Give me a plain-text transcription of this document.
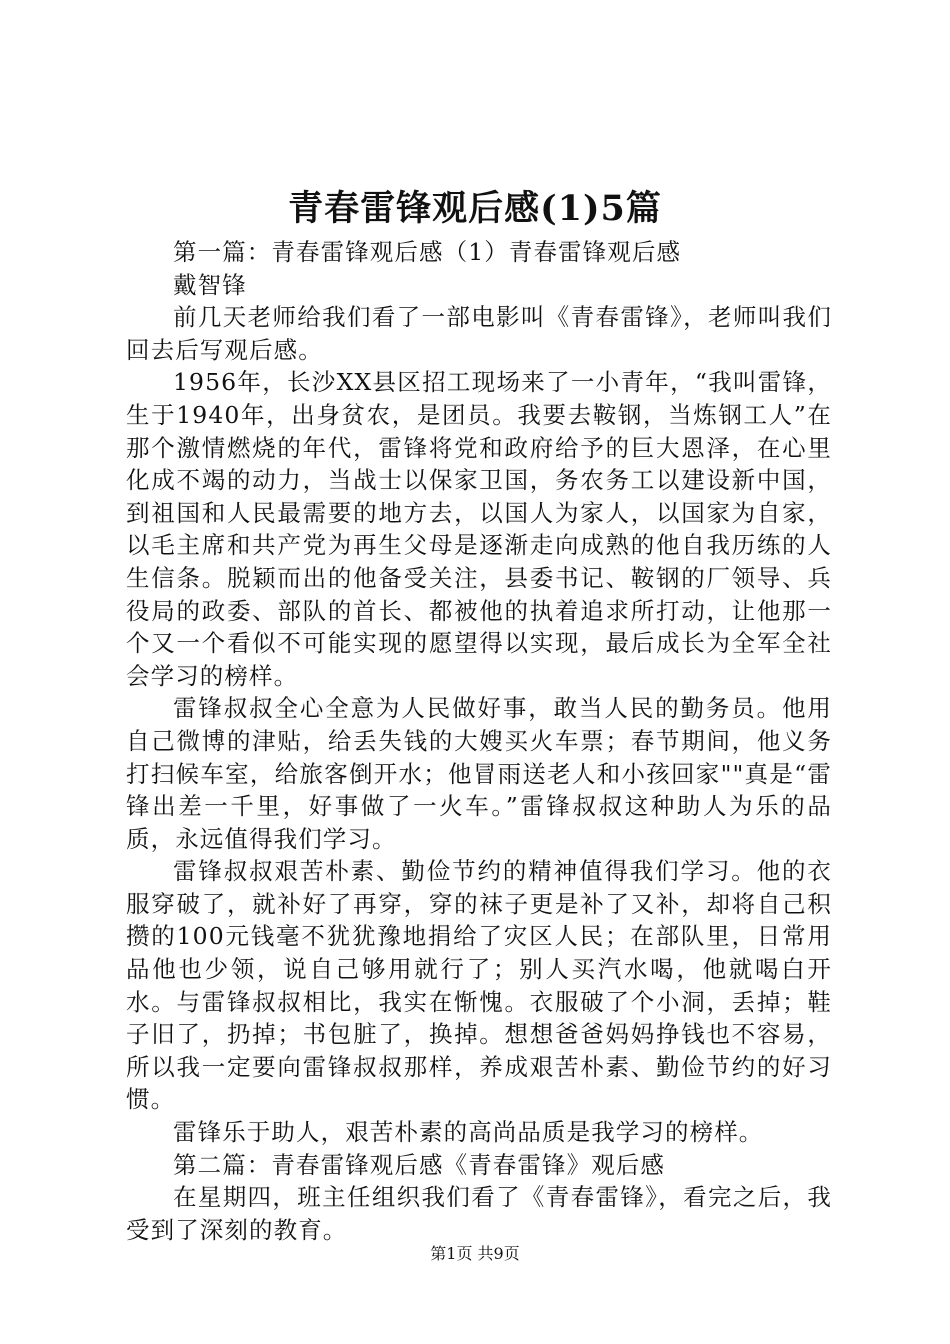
青春雷锋观后感(1)5篇

第一篇：青春雷锋观后感（1）青春雷锋观后感

戴智锋

前几天老师给我们看了一部电影叫《青春雷锋》，老师叫我们回去后写观后感。

1956年，长沙XX县区招工现场来了一小青年，“我叫雷锋，生于1940年，出身贫农，是团员。我要去鞍钢，当炼钢工人”在那个激情燃烧的年代，雷锋将党和政府给予的巨大恩泽，在心里化成不竭的动力，当战士以保家卫国，务农务工以建设新中国，到祖国和人民最需要的地方去，以国人为家人，以国家为自家，以毛主席和共产党为再生父母是逐渐走向成熟的他自我历练的人生信条。脱颖而出的他备受关注，县委书记、鞍钢的厂领导、兵役局的政委、部队的首长、都被他的执着追求所打动，让他那一个又一个看似不可能实现的愿望得以实现，最后成长为全军全社会学习的榜样。

雷锋叔叔全心全意为人民做好事，敢当人民的勤务员。他用自己微博的津贴，给丢失钱的大嫂买火车票；春节期间，他义务打扫候车室，给旅客倒开水；他冒雨送老人和小孩回家""真是“雷锋出差一千里，好事做了一火车。”雷锋叔叔这种助人为乐的品质，永远值得我们学习。

雷锋叔叔艰苦朴素、勤俭节约的精神值得我们学习。他的衣服穿破了，就补好了再穿，穿的袜子更是补了又补，却将自己积攒的100元钱毫不犹犹豫地捐给了灾区人民；在部队里，日常用品他也少领，说自己够用就行了；别人买汽水喝，他就喝白开水。与雷锋叔叔相比，我实在惭愧。衣服破了个小洞，丢掉；鞋子旧了，扔掉；书包脏了，换掉。想想爸爸妈妈挣钱也不容易，所以我一定要向雷锋叔叔那样，养成艰苦朴素、勤俭节约的好习惯。

雷锋乐于助人，艰苦朴素的高尚品质是我学习的榜样。

第二篇：青春雷锋观后感《青春雷锋》观后感

在星期四，班主任组织我们看了《青春雷锋》，看完之后，我受到了深刻的教育。

第1页 共9页
